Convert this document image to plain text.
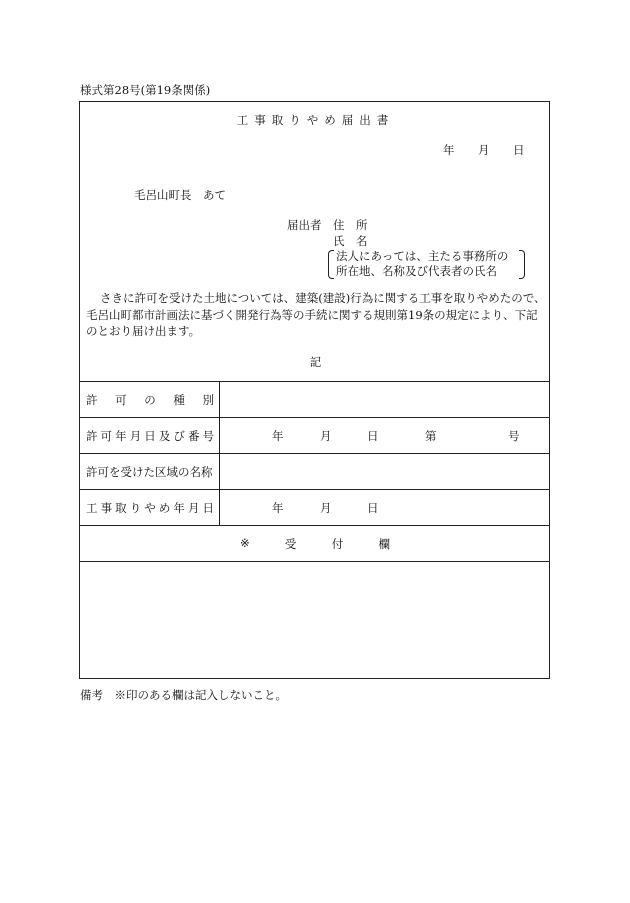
様式第28号(第19条関係)
工事取りやめ届出書
年 月 日
毛呂山町長　あて
届出者 住　所
氏　名
法人にあっては、主たる事務所の
所在地、名称及び代表者の氏名
さきに許可を受けた土地については、建築(建設)行為に関する工事を取りやめたので、毛呂山町都市計画法に基づく開発行為等の手続に関する規則第19条の規定により、下記のとおり届け出ます。
記
許 可 の 種 別
許 可 年 月 日 及 び 番 号	年	月	日	第	号
許可を受けた区域の名称
工 事 取 り や め 年 月 日	年	月	日
※	受	付	欄
備考　※印のある欄は記入しないこと。
